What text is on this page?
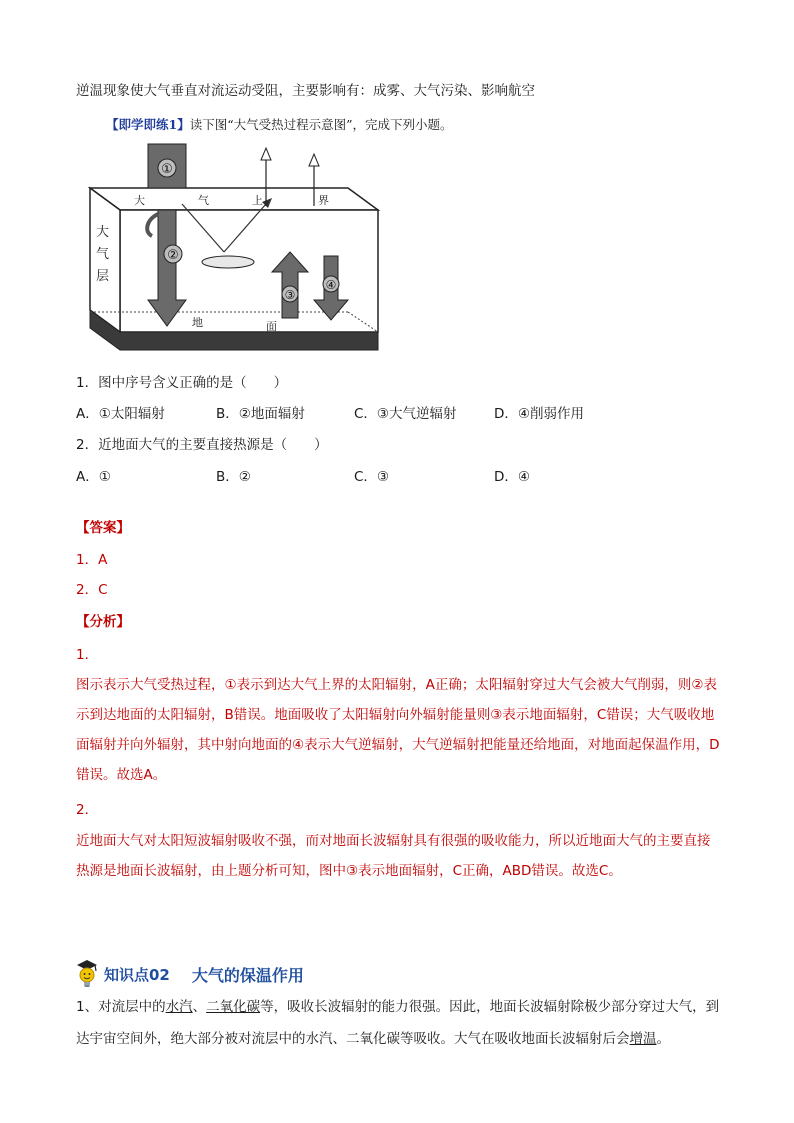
逆温现象使大气垂直对流运动受阻，主要影响有：成雾、大气污染、影响航空
【即学即练1】读下图“大气受热过程示意图”，完成下列小题。
①
②
③
④
大	气	上	界
大
气
层
地	面
1．图中序号含义正确的是（　　）
A．①太阳辐射	B．②地面辐射	C．③大气逆辐射	D．④削弱作用
2．近地面大气的主要直接热源是（　　）
A．①	B．②	C．③	D．④
【答案】
1．A
2．C
【分析】
1．
图示表示大气受热过程，①表示到达大气上界的太阳辐射，A正确；太阳辐射穿过大气会被大气削弱，则②表示到达地面的太阳辐射，B错误。地面吸收了太阳辐射向外辐射能量则③表示地面辐射，C错误；大气吸收地面辐射并向外辐射，其中射向地面的④表示大气逆辐射，大气逆辐射把能量还给地面，对地面起保温作用，D错误。故选A。
2．
近地面大气对太阳短波辐射吸收不强，而对地面长波辐射具有很强的吸收能力，所以近地面大气的主要直接热源是地面长波辐射，由上题分析可知，图中③表示地面辐射，C正确，ABD错误。故选C。
知识点02 大气的保温作用
1、对流层中的水汽、二氧化碳等，吸收长波辐射的能力很强。因此，地面长波辐射除极少部分穿过大气，到达宇宙空间外，绝大部分被对流层中的水汽、二氧化碳等吸收。大气在吸收地面长波辐射后会增温。
